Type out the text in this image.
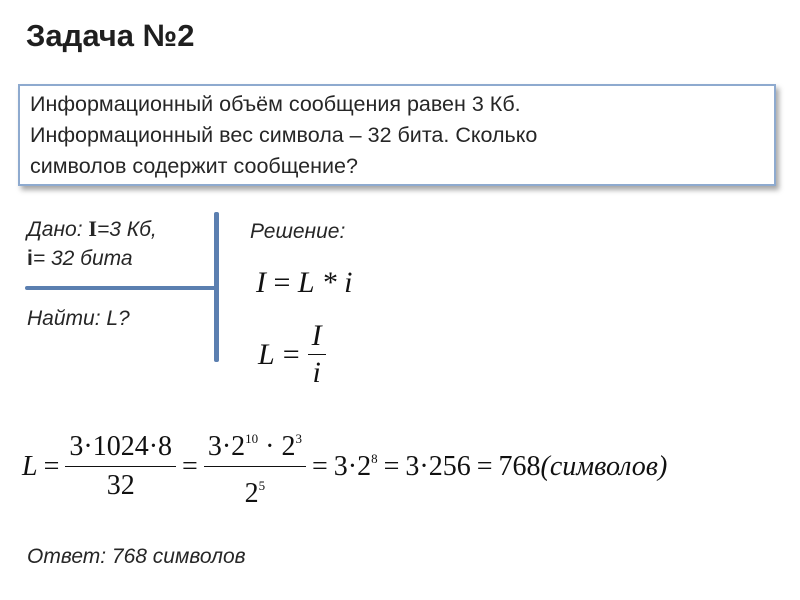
Задача №2
Информационный объём сообщения равен 3 Кб.
Информационный вес символа – 32 бита. Сколько
символов содержит сообщение?
Дано: I=3 Кб,
i= 32 бита
Найти: L?
Решение:
I = L * i
$L = \frac{I}{i}$
$L = \frac{3\cdot 1024\cdot 8}{32} = \frac{3\cdot 2^{10} \cdot 2^3}{2^5} = 3\cdot 2^8 = 3\cdot 256 = 768$ (символов)
Ответ: 768 символов
